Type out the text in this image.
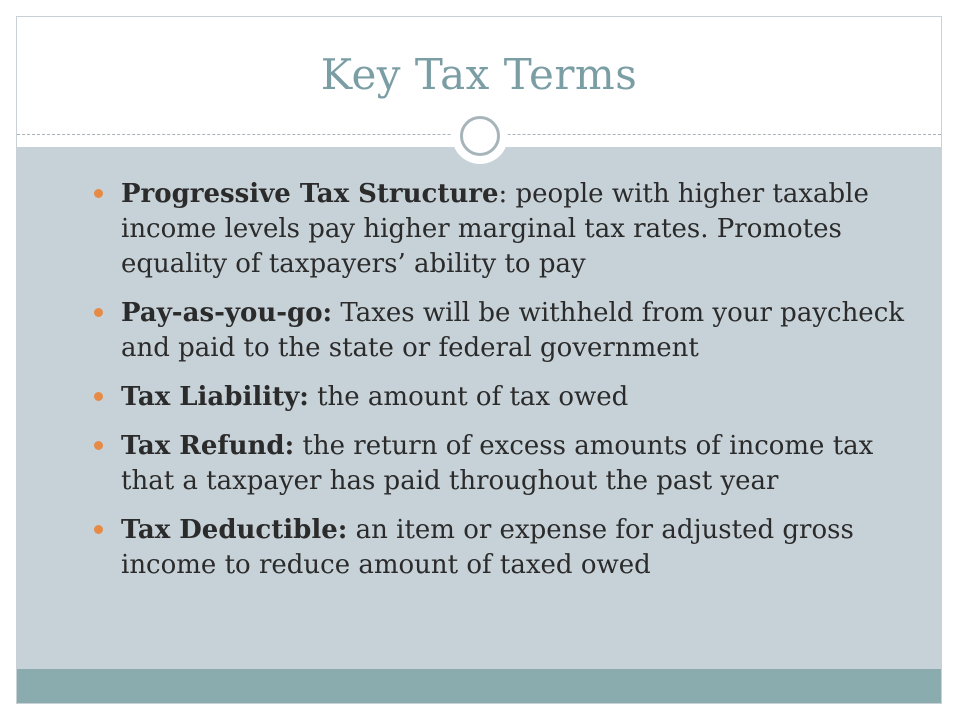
Key Tax Terms
Progressive Tax Structure: people with higher taxable income levels pay higher marginal tax rates. Promotes equality of taxpayers’ ability to pay
Pay-as-you-go: Taxes will be withheld from your paycheck and paid to the state or federal government
Tax Liability: the amount of tax owed
Tax Refund: the return of excess amounts of income tax that a taxpayer has paid throughout the past year
Tax Deductible: an item or expense for adjusted gross income to reduce amount of taxed owed
